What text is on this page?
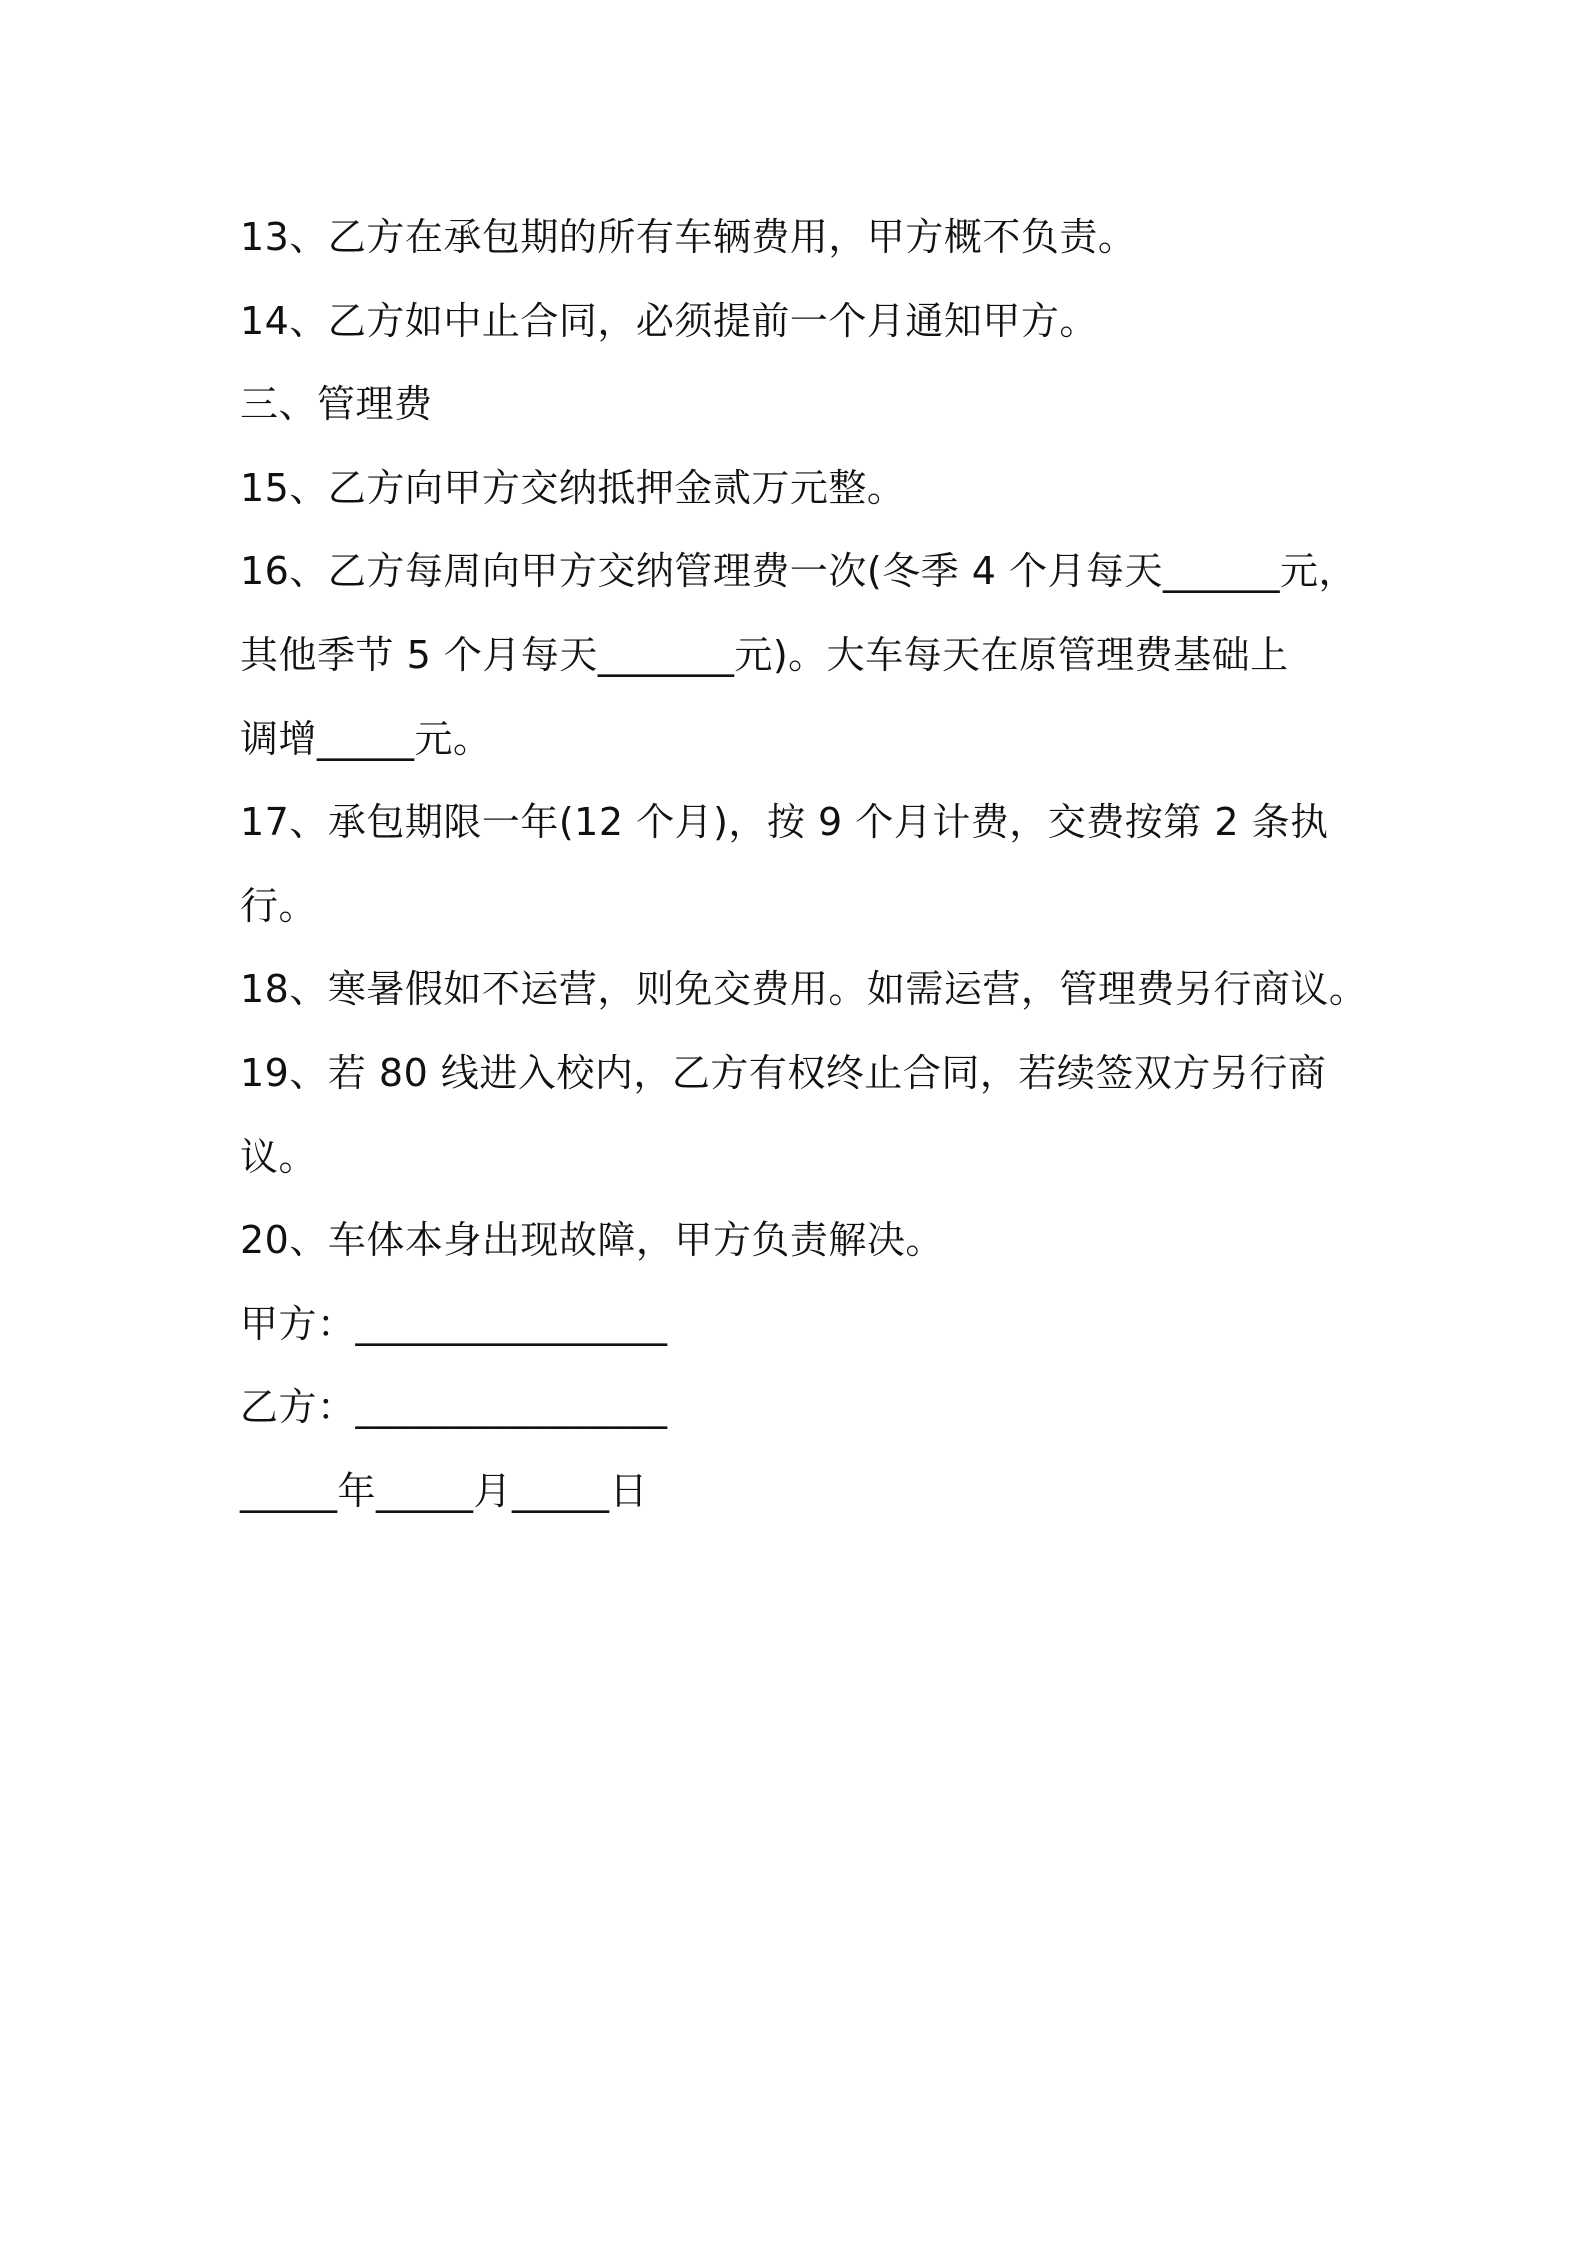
13、乙方在承包期的所有车辆费用，甲方概不负责。
14、乙方如中止合同，必须提前一个月通知甲方。
三、管理费
15、乙方向甲方交纳抵押金贰万元整。
16、乙方每周向甲方交纳管理费一次(冬季 4 个月每天______元，
其他季节 5 个月每天_______元)。大车每天在原管理费基础上
调增_____元。
17、承包期限一年(12 个月)，按 9 个月计费，交费按第 2 条执
行。
18、寒暑假如不运营，则免交费用。如需运营，管理费另行商议。
19、若 80 线进入校内，乙方有权终止合同，若续签双方另行商
议。
20、车体本身出现故障，甲方负责解决。
甲方：________________
乙方：________________
_____年_____月_____日
